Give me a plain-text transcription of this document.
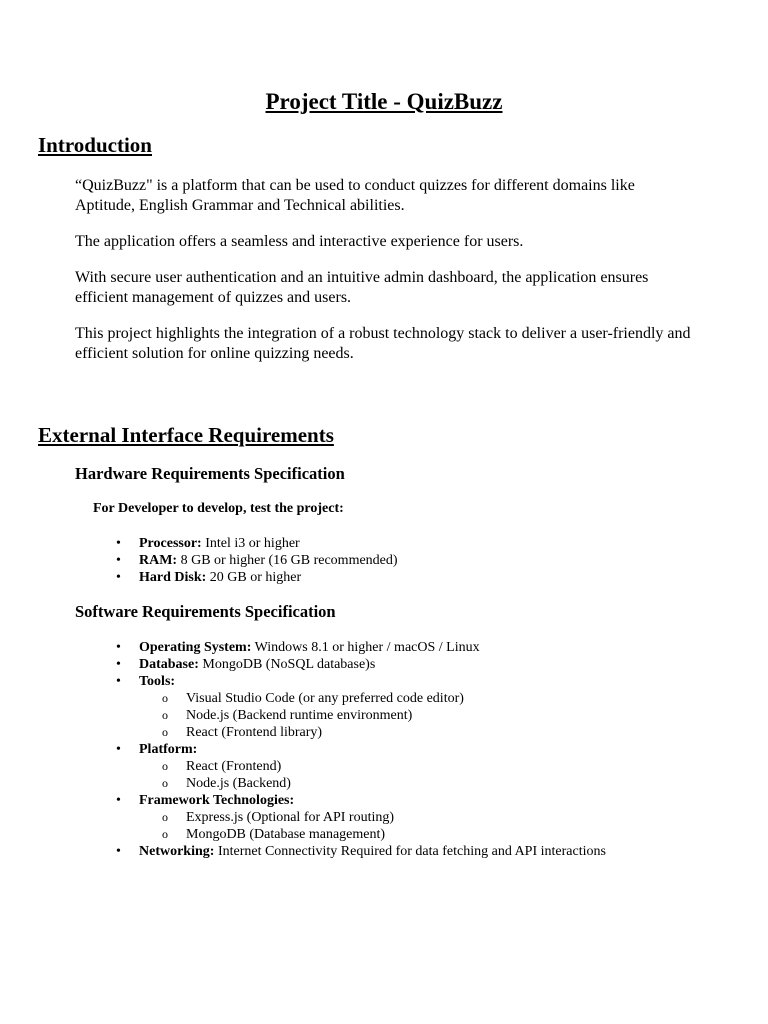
Project Title - QuizBuzz
Introduction
“QuizBuzz" is a platform that can be used to conduct quizzes for different domains like Aptitude, English Grammar and Technical abilities.
The application offers a seamless and interactive experience for users.
With secure user authentication and an intuitive admin dashboard, the application ensures efficient management of quizzes and users.
This project highlights the integration of a robust technology stack to deliver a user-friendly and efficient solution for online quizzing needs.
External Interface Requirements
Hardware Requirements Specification
For Developer to develop, test the project:
• Processor: Intel i3 or higher
• RAM: 8 GB or higher (16 GB recommended)
• Hard Disk: 20 GB or higher
Software Requirements Specification
• Operating System: Windows 8.1 or higher / macOS / Linux
• Database: MongoDB (NoSQL database)s
• Tools:
o Visual Studio Code (or any preferred code editor)
o Node.js (Backend runtime environment)
o React (Frontend library)
• Platform:
o React (Frontend)
o Node.js (Backend)
• Framework Technologies:
o Express.js (Optional for API routing)
o MongoDB (Database management)
• Networking: Internet Connectivity Required for data fetching and API interactions
